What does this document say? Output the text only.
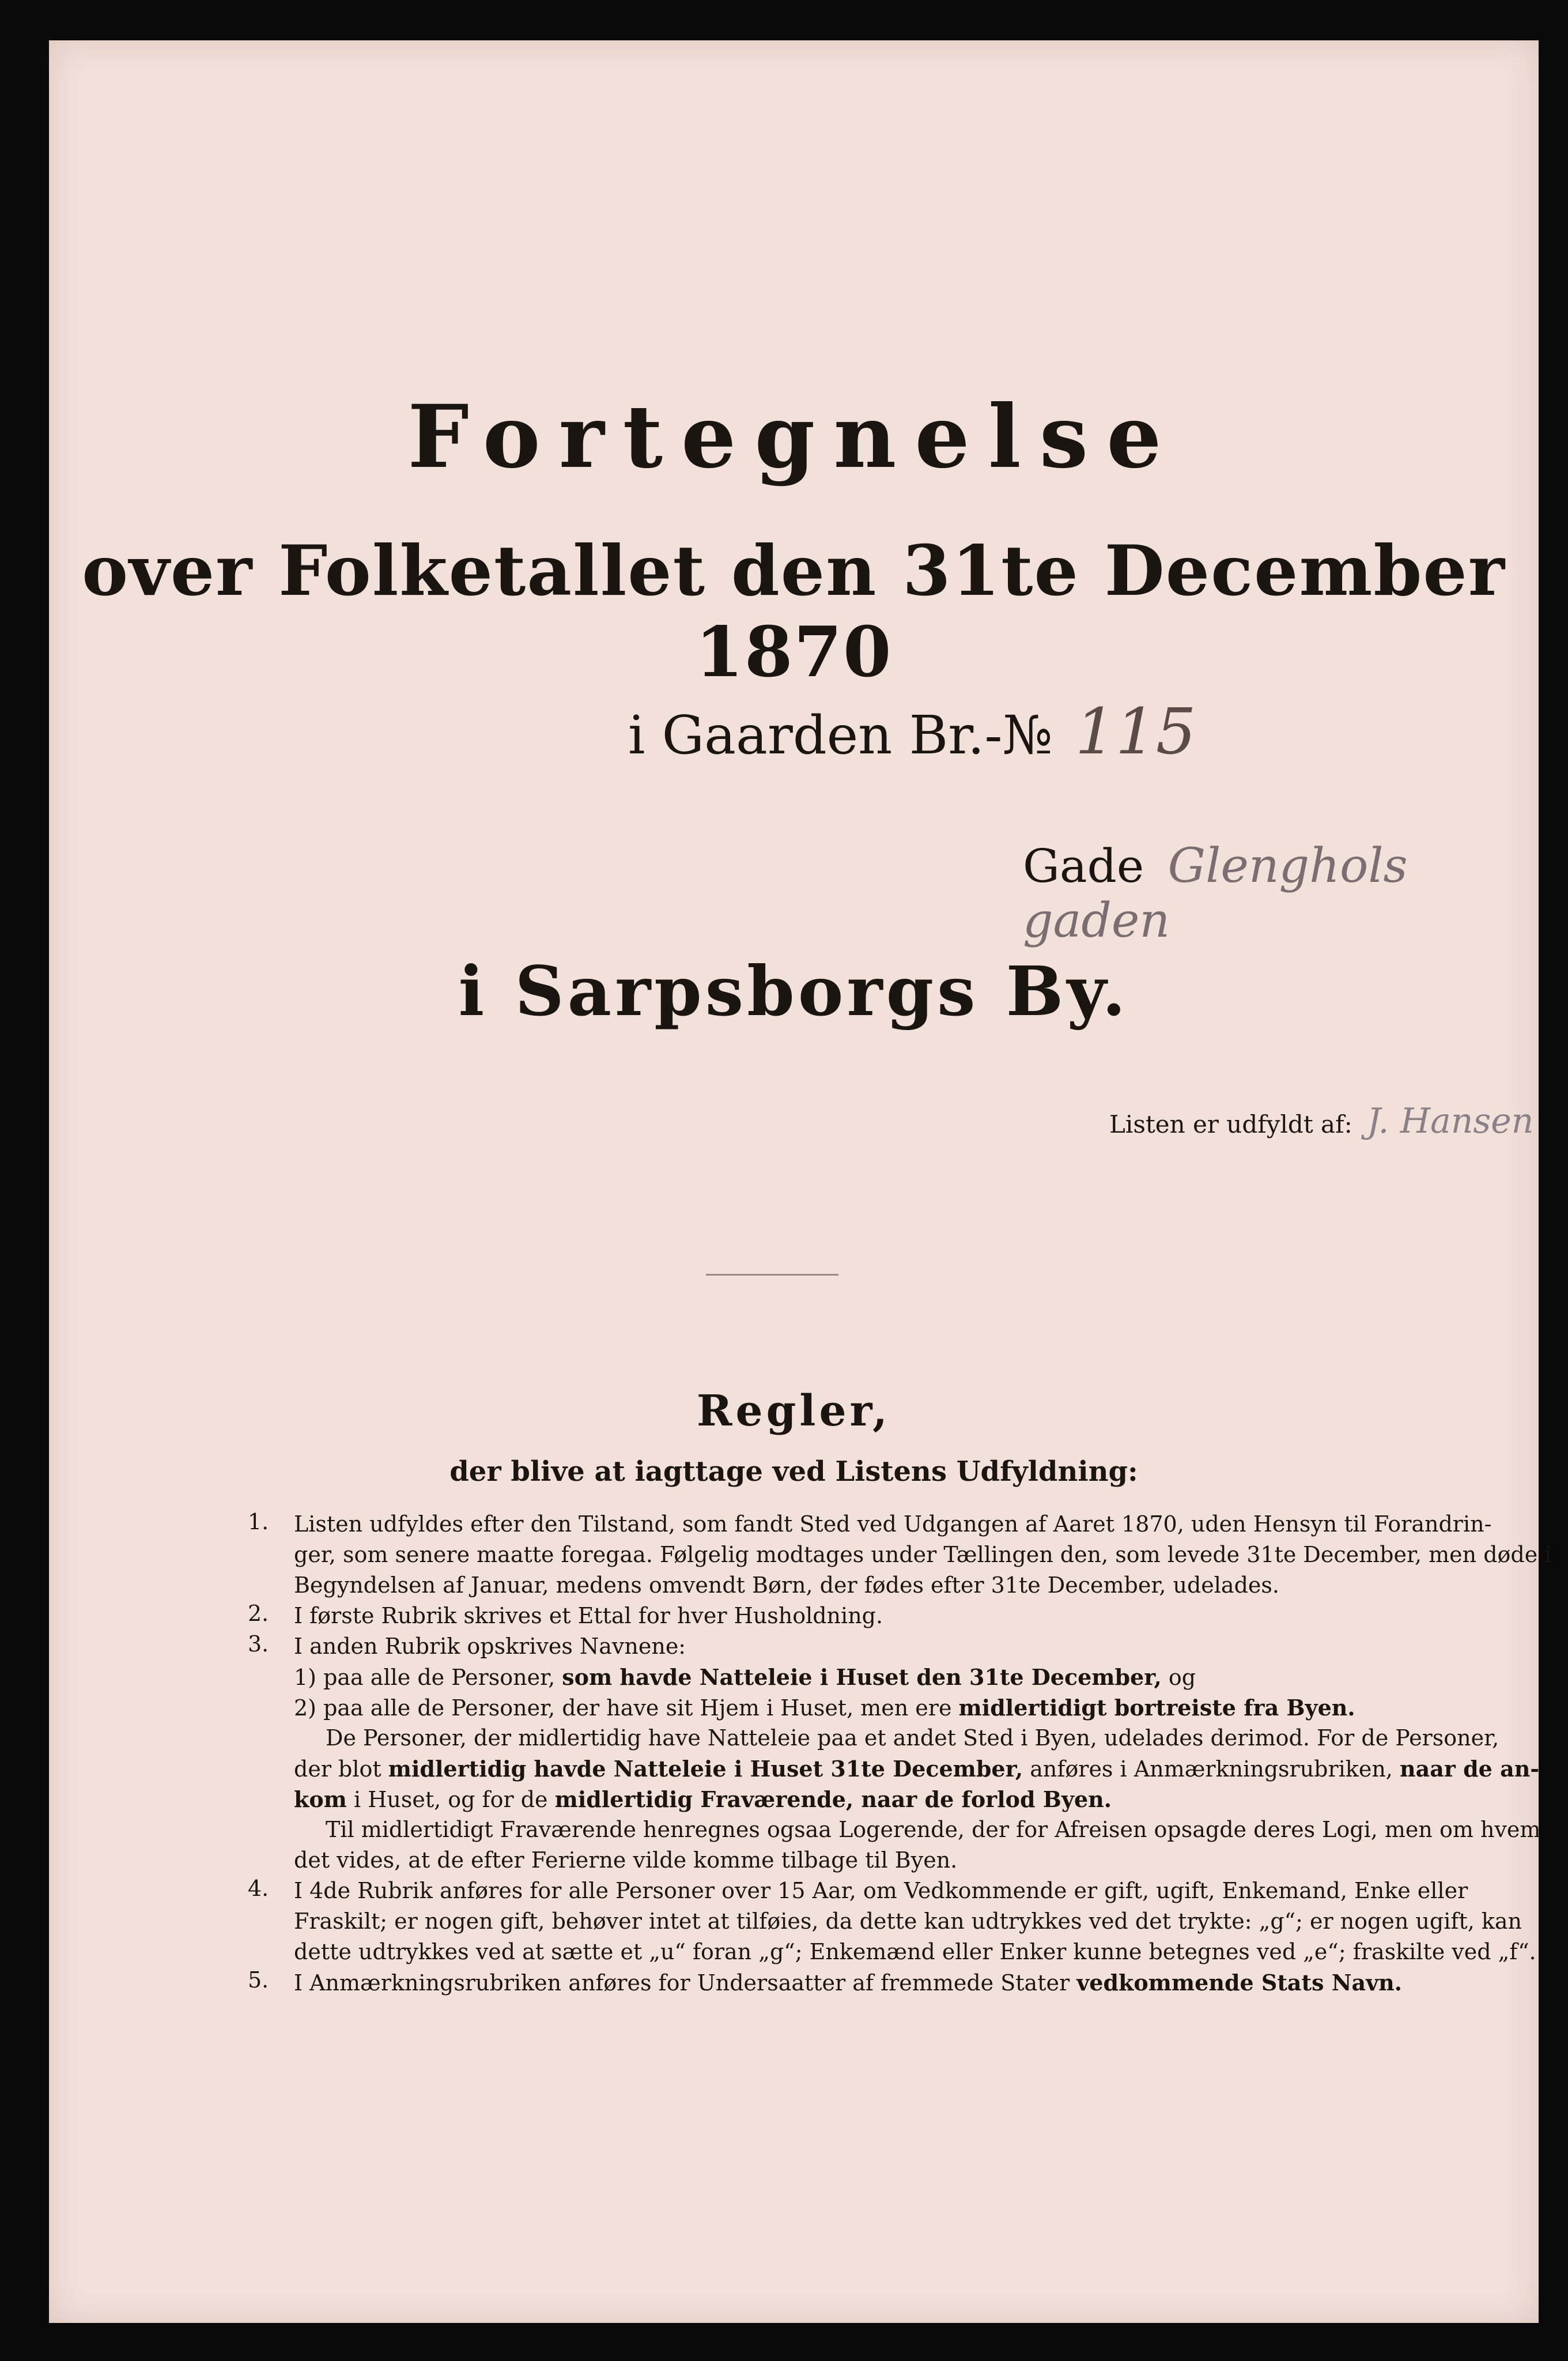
Fortegnelse
over Folketallet den 31te December 1870
i Gaarden Br.-№ 115
Gade Glenghols gaden
i Sarpsborgs By.
Listen er udfyldt af: J. Hansen
Regler,
der blive at iagttage ved Listens Udfyldning:
1.
2.
3.
4.
5.
Listen udfyldes efter den Tilstand, som fandt Sted ved Udgangen af Aaret 1870, uden Hensyn til Forandrin-
ger, som senere maatte foregaa. Følgelig modtages under Tællingen den, som levede 31te December, men døde i
Begyndelsen af Januar, medens omvendt Børn, der fødes efter 31te December, udelades.
I første Rubrik skrives et Ettal for hver Husholdning.
I anden Rubrik opskrives Navnene:
1) paa alle de Personer, som havde Natteleie i Huset den 31te December, og
2) paa alle de Personer, der have sit Hjem i Huset, men ere midlertidigt bortreiste fra Byen.
De Personer, der midlertidig have Natteleie paa et andet Sted i Byen, udelades derimod. For de Personer,
der blot midlertidig havde Natteleie i Huset 31te December, anføres i Anmærkningsrubriken, naar de an-
kom i Huset, og for de midlertidig Fraværende, naar de forlod Byen.
Til midlertidigt Fraværende henregnes ogsaa Logerende, der for Afreisen opsagde deres Logi, men om hvem
det vides, at de efter Ferierne vilde komme tilbage til Byen.
I 4de Rubrik anføres for alle Personer over 15 Aar, om Vedkommende er gift, ugift, Enkemand, Enke eller
Fraskilt; er nogen gift, behøver intet at tilføies, da dette kan udtrykkes ved det trykte: „g“; er nogen ugift, kan
dette udtrykkes ved at sætte et „u“ foran „g“; Enkemænd eller Enker kunne betegnes ved „e“; fraskilte ved „f“.
I Anmærkningsrubriken anføres for Undersaatter af fremmede Stater vedkommende Stats Navn.
